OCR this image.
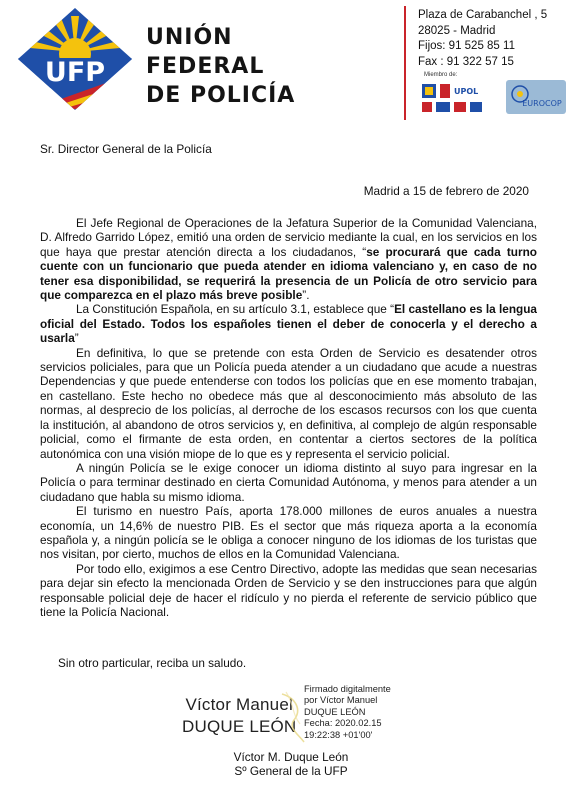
UFP
UNIÓN
FEDERAL
DE POLICÍA
Plaza de Carabanchel , 5
28025 - Madrid
Fijos: 91 525 85 11
Fax : 91 322 57 15
Miembro de:
UPOL
EUROCOP
Sr. Director General de la Policía
Madrid a 15 de febrero de 2020

El Jefe Regional de Operaciones de la Jefatura Superior de la Comunidad Valenciana, D. Alfredo Garrido López, emitió una orden de servicio mediante la cual, en los servicios en los que haya que prestar atención directa a los ciudadanos, “se procurará que cada turno cuente con un funcionario que pueda atender en idioma valenciano y, en caso de no tener esa disponibilidad, se requerirá la presencia de un Policía de otro servicio para que comparezca en el plazo más breve posible”.

La Constitución Española, en su artículo 3.1, establece que “El castellano es la lengua oficial del Estado. Todos los españoles tienen el deber de conocerla y el derecho a usarla”

En definitiva, lo que se pretende con esta Orden de Servicio es desatender otros servicios policiales, para que un Policía pueda atender a un ciudadano que acude a nuestras Dependencias y que puede entenderse con todos los policías que en ese momento trabajan, en castellano. Este hecho no obedece más que al desconocimiento más absoluto de las normas, al desprecio de los policías, al derroche de los escasos recursos con los que cuenta la institución, al abandono de otros servicios y, en definitiva, al complejo de algún responsable policial, como el firmante de esta orden, en contentar a ciertos sectores de la política autonómica con una visión miope de lo que es y representa el servicio policial.

A ningún Policía se le exige conocer un idioma distinto al suyo para ingresar en la Policía o para terminar destinado en cierta Comunidad Autónoma, y menos para atender a un ciudadano que habla su mismo idioma.

El turismo en nuestro País, aporta 178.000 millones de euros anuales a nuestra economía, un 14,6% de nuestro PIB. Es el sector que más riqueza aporta a la economía española y, a ningún policía se le obliga a conocer ninguno de los idiomas de los turistas que nos visitan, por cierto, muchos de ellos en la Comunidad Valenciana.

Por todo ello, exigimos a ese Centro Directivo, adopte las medidas que sean necesarias para dejar sin efecto la mencionada Orden de Servicio y se den instrucciones para que algún responsable policial deje de hacer el ridículo y no pierda el referente de servicio público que tiene la Policía Nacional.

Sin otro particular, reciba un saludo.
Víctor Manuel
DUQUE LEÓN
Firmado digitalmente
por Víctor Manuel
DUQUE LEÓN
Fecha: 2020.02.15
19:22:38 +01'00'
Víctor M. Duque León
Sº General de la UFP
